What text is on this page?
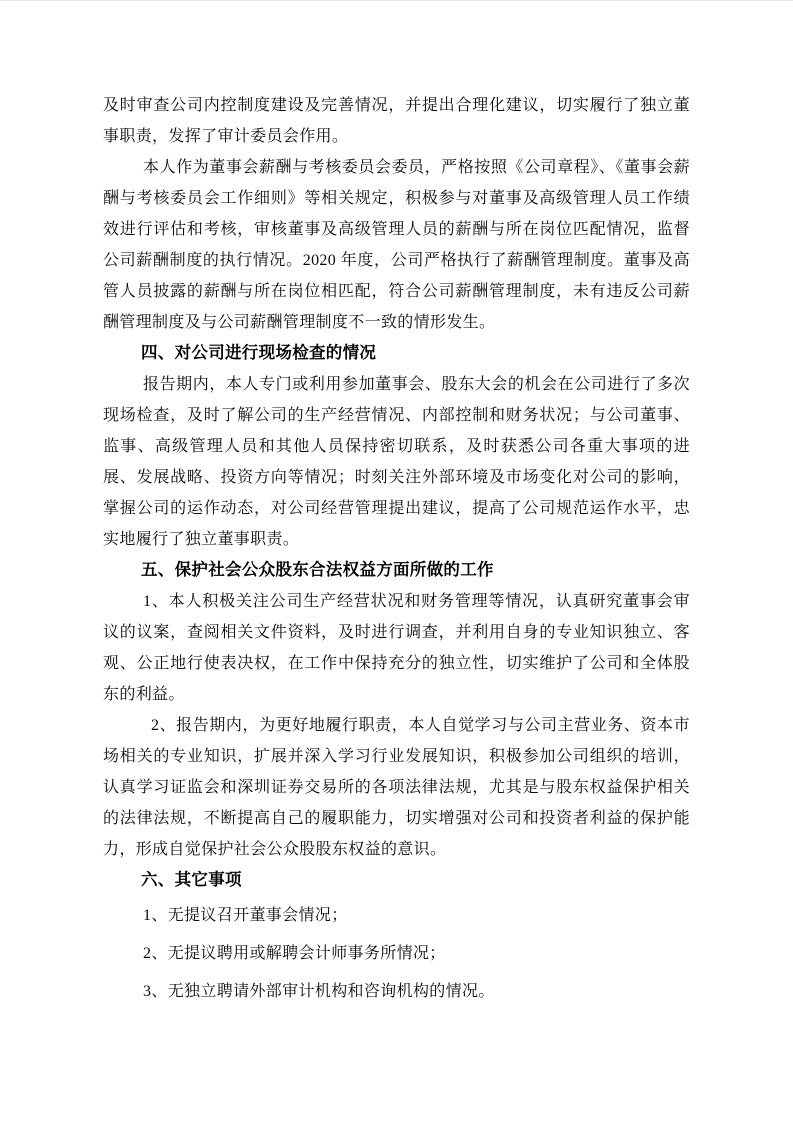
及时审查公司内控制度建设及完善情况，并提出合理化建议，切实履行了独立董事职责，发挥了审计委员会作用。

本人作为董事会薪酬与考核委员会委员，严格按照《公司章程》、《董事会薪酬与考核委员会工作细则》等相关规定，积极参与对董事及高级管理人员工作绩效进行评估和考核，审核董事及高级管理人员的薪酬与所在岗位匹配情况，监督公司薪酬制度的执行情况。2020 年度，公司严格执行了薪酬管理制度。董事及高管人员披露的薪酬与所在岗位相匹配，符合公司薪酬管理制度，未有违反公司薪酬管理制度及与公司薪酬管理制度不一致的情形发生。

四、对公司进行现场检查的情况

报告期内，本人专门或利用参加董事会、股东大会的机会在公司进行了多次现场检查，及时了解公司的生产经营情况、内部控制和财务状况；与公司董事、监事、高级管理人员和其他人员保持密切联系，及时获悉公司各重大事项的进展、发展战略、投资方向等情况；时刻关注外部环境及市场变化对公司的影响，掌握公司的运作动态，对公司经营管理提出建议，提高了公司规范运作水平，忠实地履行了独立董事职责。

五、保护社会公众股东合法权益方面所做的工作

1、本人积极关注公司生产经营状况和财务管理等情况，认真研究董事会审议的议案，查阅相关文件资料，及时进行调查，并利用自身的专业知识独立、客观、公正地行使表决权，在工作中保持充分的独立性，切实维护了公司和全体股东的利益。

2、报告期内，为更好地履行职责，本人自觉学习与公司主营业务、资本市场相关的专业知识，扩展并深入学习行业发展知识，积极参加公司组织的培训，认真学习证监会和深圳证券交易所的各项法律法规，尤其是与股东权益保护相关的法律法规，不断提高自己的履职能力，切实增强对公司和投资者利益的保护能力，形成自觉保护社会公众股股东权益的意识。

六、其它事项

1、无提议召开董事会情况；

2、无提议聘用或解聘会计师事务所情况；

3、无独立聘请外部审计机构和咨询机构的情况。
